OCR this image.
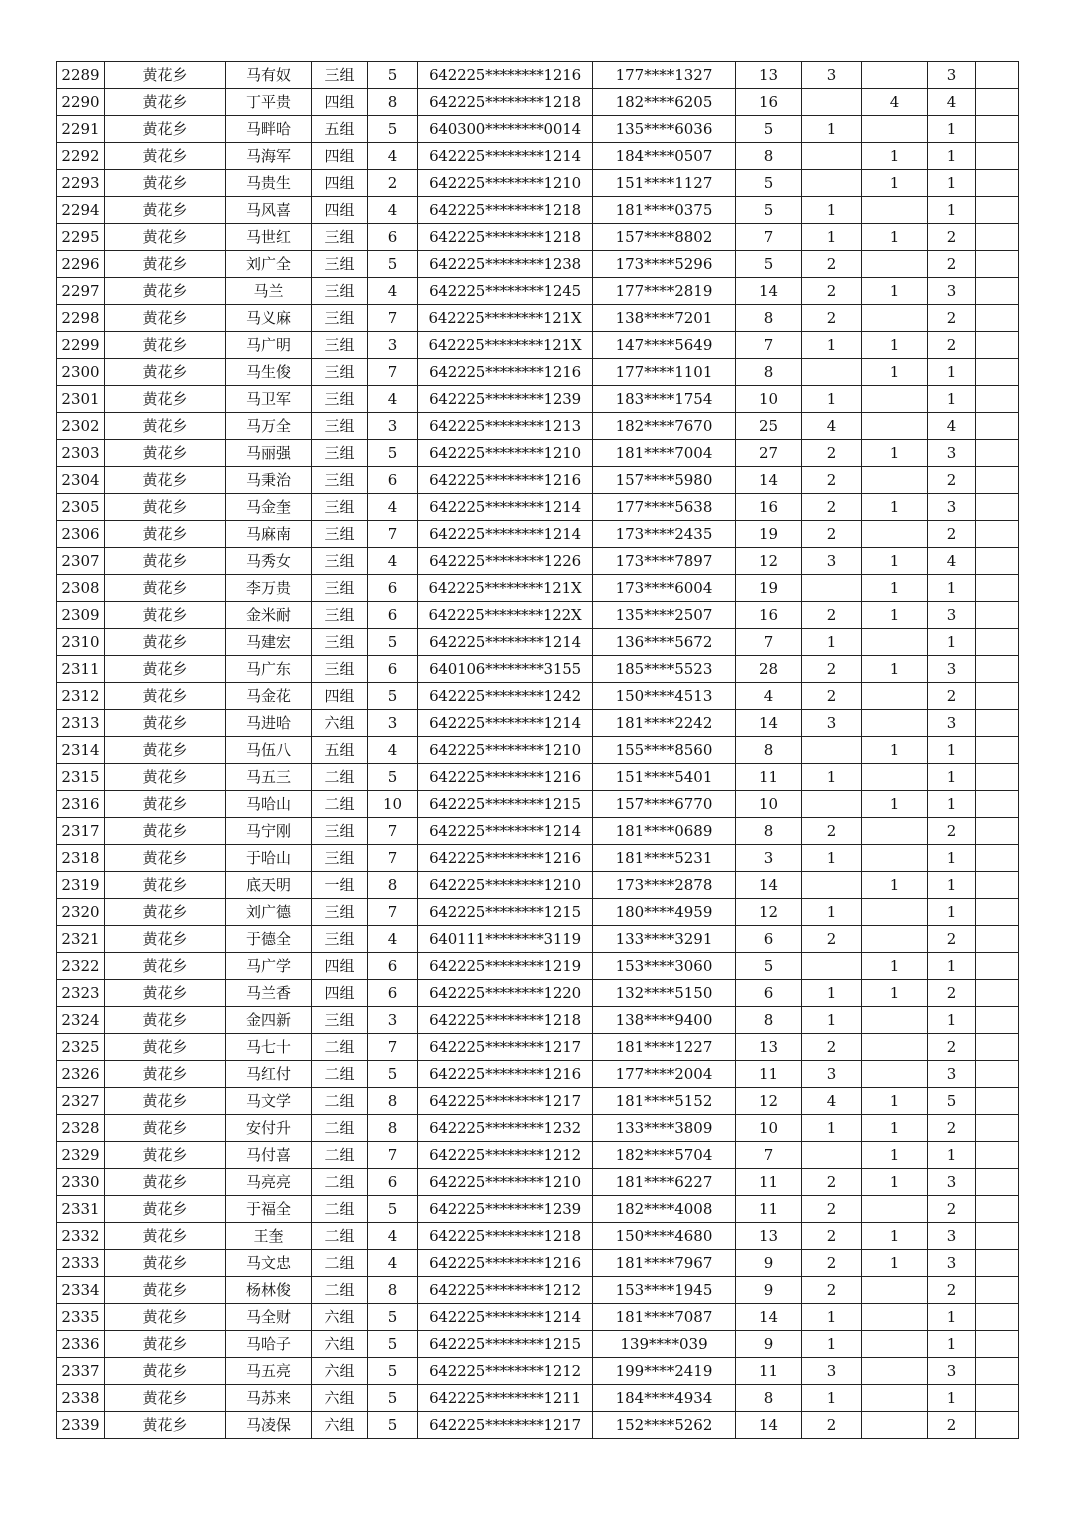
2289	黄花乡	马有奴	三组	5	642225********1216	177****1327	13	3		3	
2290	黄花乡	丁平贵	四组	8	642225********1218	182****6205	16		4	4	
2291	黄花乡	马畔哈	五组	5	640300********0014	135****6036	5	1		1	
2292	黄花乡	马海军	四组	4	642225********1214	184****0507	8		1	1	
2293	黄花乡	马贵生	四组	2	642225********1210	151****1127	5		1	1	
2294	黄花乡	马风喜	四组	4	642225********1218	181****0375	5	1		1	
2295	黄花乡	马世红	三组	6	642225********1218	157****8802	7	1	1	2	
2296	黄花乡	刘广全	三组	5	642225********1238	173****5296	5	2		2	
2297	黄花乡	马兰	三组	4	642225********1245	177****2819	14	2	1	3	
2298	黄花乡	马义麻	三组	7	642225********121X	138****7201	8	2		2	
2299	黄花乡	马广明	三组	3	642225********121X	147****5649	7	1	1	2	
2300	黄花乡	马生俊	三组	7	642225********1216	177****1101	8		1	1	
2301	黄花乡	马卫军	三组	4	642225********1239	183****1754	10	1		1	
2302	黄花乡	马万全	三组	3	642225********1213	182****7670	25	4		4	
2303	黄花乡	马丽强	三组	5	642225********1210	181****7004	27	2	1	3	
2304	黄花乡	马秉治	三组	6	642225********1216	157****5980	14	2		2	
2305	黄花乡	马金奎	三组	4	642225********1214	177****5638	16	2	1	3	
2306	黄花乡	马麻南	三组	7	642225********1214	173****2435	19	2		2	
2307	黄花乡	马秀女	三组	4	642225********1226	173****7897	12	3	1	4	
2308	黄花乡	李万贵	三组	6	642225********121X	173****6004	19		1	1	
2309	黄花乡	金米耐	三组	6	642225********122X	135****2507	16	2	1	3	
2310	黄花乡	马建宏	三组	5	642225********1214	136****5672	7	1		1	
2311	黄花乡	马广东	三组	6	640106********3155	185****5523	28	2	1	3	
2312	黄花乡	马金花	四组	5	642225********1242	150****4513	4	2		2	
2313	黄花乡	马进哈	六组	3	642225********1214	181****2242	14	3		3	
2314	黄花乡	马伍八	五组	4	642225********1210	155****8560	8		1	1	
2315	黄花乡	马五三	二组	5	642225********1216	151****5401	11	1		1	
2316	黄花乡	马哈山	二组	10	642225********1215	157****6770	10		1	1	
2317	黄花乡	马宁刚	三组	7	642225********1214	181****0689	8	2		2	
2318	黄花乡	于哈山	三组	7	642225********1216	181****5231	3	1		1	
2319	黄花乡	底天明	一组	8	642225********1210	173****2878	14		1	1	
2320	黄花乡	刘广德	三组	7	642225********1215	180****4959	12	1		1	
2321	黄花乡	于德全	三组	4	640111********3119	133****3291	6	2		2	
2322	黄花乡	马广学	四组	6	642225********1219	153****3060	5		1	1	
2323	黄花乡	马兰香	四组	6	642225********1220	132****5150	6	1	1	2	
2324	黄花乡	金四新	三组	3	642225********1218	138****9400	8	1		1	
2325	黄花乡	马七十	二组	7	642225********1217	181****1227	13	2		2	
2326	黄花乡	马红付	二组	5	642225********1216	177****2004	11	3		3	
2327	黄花乡	马文学	二组	8	642225********1217	181****5152	12	4	1	5	
2328	黄花乡	安付升	二组	8	642225********1232	133****3809	10	1	1	2	
2329	黄花乡	马付喜	二组	7	642225********1212	182****5704	7		1	1	
2330	黄花乡	马亮亮	二组	6	642225********1210	181****6227	11	2	1	3	
2331	黄花乡	于福全	二组	5	642225********1239	182****4008	11	2		2	
2332	黄花乡	王奎	二组	4	642225********1218	150****4680	13	2	1	3	
2333	黄花乡	马文忠	二组	4	642225********1216	181****7967	9	2	1	3	
2334	黄花乡	杨林俊	二组	8	642225********1212	153****1945	9	2		2	
2335	黄花乡	马全财	六组	5	642225********1214	181****7087	14	1		1	
2336	黄花乡	马哈子	六组	5	642225********1215	139****039	9	1		1	
2337	黄花乡	马五亮	六组	5	642225********1212	199****2419	11	3		3	
2338	黄花乡	马苏来	六组	5	642225********1211	184****4934	8	1		1	
2339	黄花乡	马凌保	六组	5	642225********1217	152****5262	14	2		2	
